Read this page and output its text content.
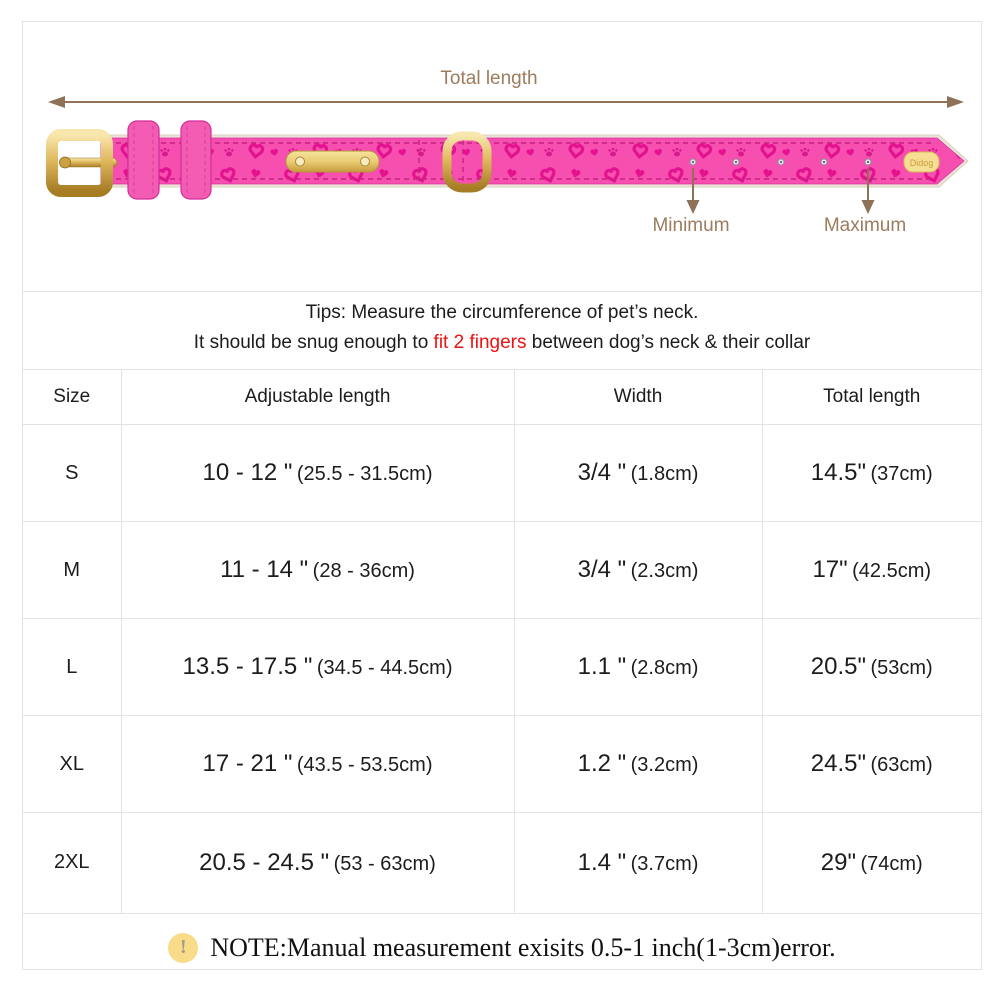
Didog
Total length
Minimum	Maximum
Tips: Measure the circumference of pet’s neck.
It should be snug enough to fit 2 fingers between dog’s neck & their collar
Size	Adjustable length	Width	Total length
S	10 - 12 " (25.5 - 31.5cm)	3/4 " (1.8cm)	14.5" (37cm)
M	11 - 14 " (28 - 36cm)	3/4 " (2.3cm)	17" (42.5cm)
L	13.5 - 17.5 " (34.5 - 44.5cm)	1.1 " (2.8cm)	20.5" (53cm)
XL	17 - 21 " (43.5 - 53.5cm)	1.2 " (3.2cm)	24.5" (63cm)
2XL	20.5 - 24.5 " (53 - 63cm)	1.4 " (3.7cm)	29" (74cm)
! NOTE:Manual measurement exisits 0.5-1 inch(1-3cm)error.
